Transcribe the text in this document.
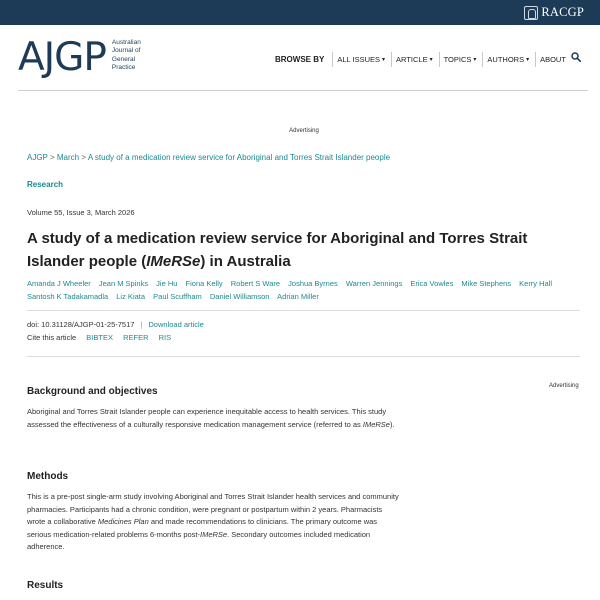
RACGP
AJGP Australian
Journal of
General
Practice
BROWSE BY ALL ISSUES ▾ ARTICLE ▾ TOPICS ▾ AUTHORS ▾ ABOUT
Advertising
AJGP > March > A study of a medication review service for Aboriginal and Torres Strait Islander people
Research
Volume 55, Issue 3, March 2026
A study of a medication review service for Aboriginal and Torres Strait Islander people (IMeRSe) in Australia
Amanda J Wheeler Jean M Spinks Jie Hu Fiona Kelly Robert S Ware Joshua Byrnes Warren Jennings Erica Vowles Mike Stephens Kerry Hall
Santosh K Tadakamadla Liz Kiata Paul Scuffham Daniel Williamson Adrian Miller
doi: 10.31128/AJGP-01-25-7517 | Download article
Cite this article BIBTEX REFER RIS
Advertising
Background and objectives

Aboriginal and Torres Strait Islander people can experience inequitable access to health services. This study assessed the effectiveness of a culturally responsive medication management service (referred to as IMeRSe).

Methods

This is a pre-post single-arm study involving Aboriginal and Torres Strait Islander health services and community pharmacies. Participants had a chronic condition, were pregnant or postpartum within 2 years. Pharmacists wrote a collaborative Medicines Plan and made recommendations to clinicians. The primary outcome was serious medication-related problems 6-months post-IMeRSe. Secondary outcomes included medication adherence.

Results
